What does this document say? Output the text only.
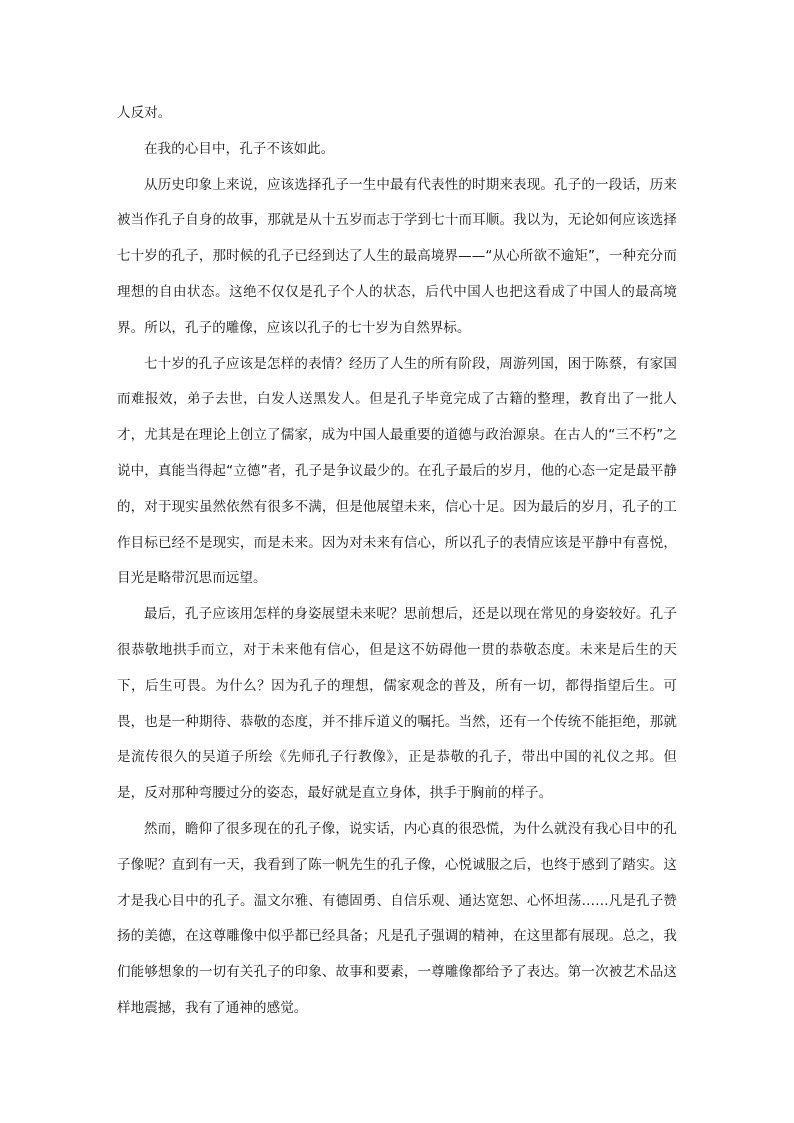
人反对。

在我的心目中，孔子不该如此。

从历史印象上来说，应该选择孔子一生中最有代表性的时期来表现。孔子的一段话，历来被当作孔子自身的故事，那就是从十五岁而志于学到七十而耳顺。我以为，无论如何应该选择七十岁的孔子，那时候的孔子已经到达了人生的最高境界——“从心所欲不逾矩”，一种充分而理想的自由状态。这绝不仅仅是孔子个人的状态，后代中国人也把这看成了中国人的最高境界。所以，孔子的雕像，应该以孔子的七十岁为自然界标。

七十岁的孔子应该是怎样的表情？经历了人生的所有阶段，周游列国，困于陈蔡，有家国而难报效，弟子去世，白发人送黑发人。但是孔子毕竟完成了古籍的整理，教育出了一批人才，尤其是在理论上创立了儒家，成为中国人最重要的道德与政治源泉。在古人的“三不朽”之说中，真能当得起“立德”者，孔子是争议最少的。在孔子最后的岁月，他的心态一定是最平静的，对于现实虽然依然有很多不满，但是他展望未来，信心十足。因为最后的岁月，孔子的工作目标已经不是现实，而是未来。因为对未来有信心，所以孔子的表情应该是平静中有喜悦，目光是略带沉思而远望。

最后，孔子应该用怎样的身姿展望未来呢？思前想后，还是以现在常见的身姿较好。孔子很恭敬地拱手而立，对于未来他有信心，但是这不妨碍他一贯的恭敬态度。未来是后生的天下，后生可畏。为什么？因为孔子的理想，儒家观念的普及，所有一切，都得指望后生。可畏，也是一种期待、恭敬的态度，并不排斥道义的嘱托。当然，还有一个传统不能拒绝，那就是流传很久的吴道子所绘《先师孔子行教像》，正是恭敬的孔子，带出中国的礼仪之邦。但是，反对那种弯腰过分的姿态，最好就是直立身体，拱手于胸前的样子。

然而，瞻仰了很多现在的孔子像，说实话，内心真的很恐慌，为什么就没有我心目中的孔子像呢？直到有一天，我看到了陈一帆先生的孔子像，心悦诚服之后，也终于感到了踏实。这才是我心目中的孔子。温文尔雅、有德固勇、自信乐观、通达宽恕、心怀坦荡……凡是孔子赞扬的美德，在这尊雕像中似乎都已经具备；凡是孔子强调的精神，在这里都有展现。总之，我们能够想象的一切有关孔子的印象、故事和要素，一尊雕像都给予了表达。第一次被艺术品这样地震撼，我有了通神的感觉。
